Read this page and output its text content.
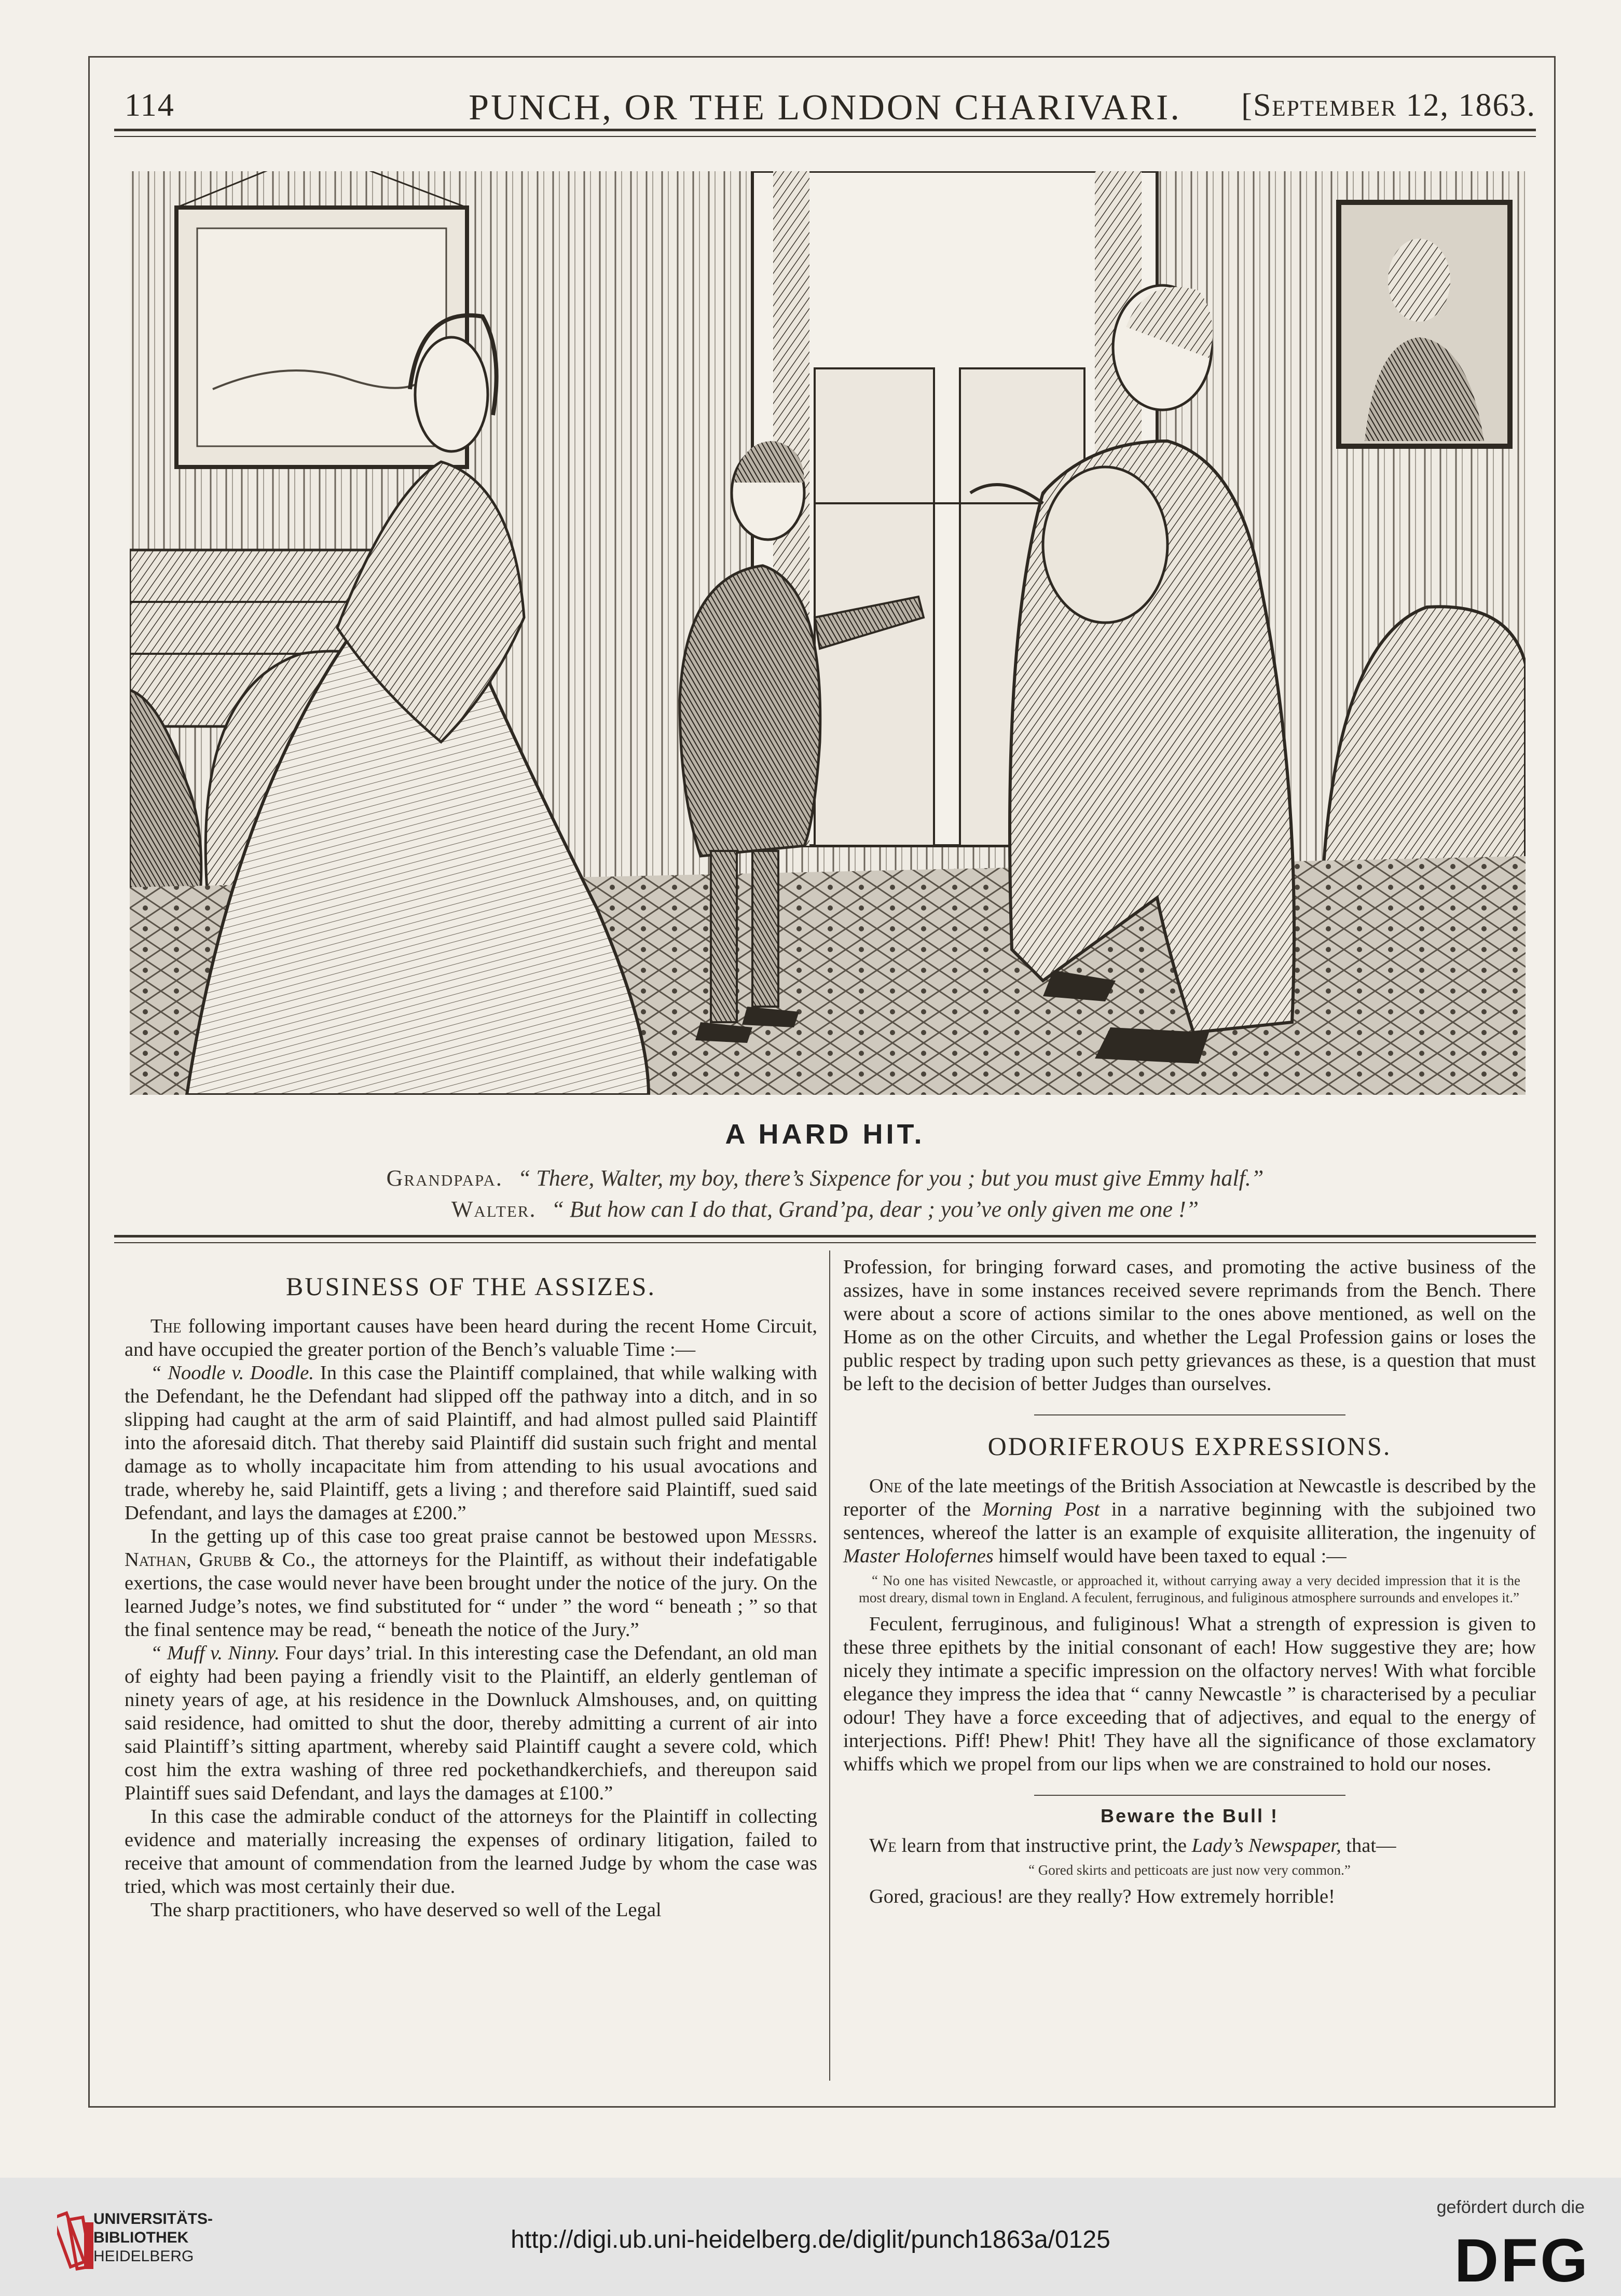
114	PUNCH, OR THE LONDON CHARIVARI.	[September 12, 1863.
A HARD HIT.
Grandpapa. “ There, Walter, my boy, there’s Sixpence for you ; but you must give Emmy half.”
Walter. “ But how can I do that, Grand’pa, dear ; you’ve only given me one !”
BUSINESS OF THE ASSIZES.

The following important causes have been heard during the recent Home Circuit, and have occupied the greater portion of the Bench’s valuable Time :—

“ Noodle v. Doodle. In this case the Plaintiff complained, that while walking with the Defendant, he the Defendant had slipped off the pathway into a ditch, and in so slipping had caught at the arm of said Plaintiff, and had almost pulled said Plaintiff into the aforesaid ditch. That thereby said Plaintiff did sustain such fright and mental damage as to wholly incapacitate him from attending to his usual avocations and trade, whereby he, said Plaintiff, gets a living ; and therefore said Plaintiff, sued said Defendant, and lays the damages at £200.”

In the getting up of this case too great praise cannot be bestowed upon Messrs. Nathan, Grubb & Co., the attorneys for the Plaintiff, as without their indefatigable exertions, the case would never have been brought under the notice of the jury. On the learned Judge’s notes, we find substituted for “ under ” the word “ beneath ; ” so that the final sentence may be read, “ beneath the notice of the Jury.”

“ Muff v. Ninny. Four days’ trial. In this interesting case the Defendant, an old man of eighty had been paying a friendly visit to the Plaintiff, an elderly gentleman of ninety years of age, at his residence in the Downluck Almshouses, and, on quitting said residence, had omitted to shut the door, thereby admitting a current of air into said Plaintiff’s sitting apartment, whereby said Plaintiff caught a severe cold, which cost him the extra washing of three red pockethandkerchiefs, and thereupon said Plaintiff sues said Defendant, and lays the damages at £100.”

In this case the admirable conduct of the attorneys for the Plaintiff in collecting evidence and materially increasing the expenses of ordinary litigation, failed to receive that amount of commendation from the learned Judge by whom the case was tried, which was most certainly their due.

The sharp practitioners, who have deserved so well of the Legal

Profession, for bringing forward cases, and promoting the active business of the assizes, have in some instances received severe reprimands from the Bench. There were about a score of actions similar to the ones above mentioned, as well on the Home as on the other Circuits, and whether the Legal Profession gains or loses the public respect by trading upon such petty grievances as these, is a question that must be left to the decision of better Judges than ourselves.

ODORIFEROUS EXPRESSIONS.

One of the late meetings of the British Association at Newcastle is described by the reporter of the Morning Post in a narrative beginning with the subjoined two sentences, whereof the latter is an example of exquisite alliteration, the ingenuity of Master Holofernes himself would have been taxed to equal :—

“ No one has visited Newcastle, or approached it, without carrying away a very decided impression that it is the most dreary, dismal town in England. A feculent, ferruginous, and fuliginous atmosphere surrounds and envelopes it.”

Feculent, ferruginous, and fuliginous! What a strength of expression is given to these three epithets by the initial consonant of each! How suggestive they are; how nicely they intimate a specific impression on the olfactory nerves! With what forcible elegance they impress the idea that “ canny Newcastle ” is characterised by a peculiar odour! They have a force exceeding that of adjectives, and equal to the energy of interjections. Piff! Phew! Phit! They have all the significance of those exclamatory whiffs which we propel from our lips when we are constrained to hold our noses.

Beware the Bull !

We learn from that instructive print, the Lady’s Newspaper, that—

“ Gored skirts and petticoats are just now very common.”

Gored, gracious! are they really? How extremely horrible!

UNIVERSITÄTS-
BIBLIOTHEK
HEIDELBERG
http://digi.ub.uni-heidelberg.de/diglit/punch1863a/0125
gefördert durch die
DFG
